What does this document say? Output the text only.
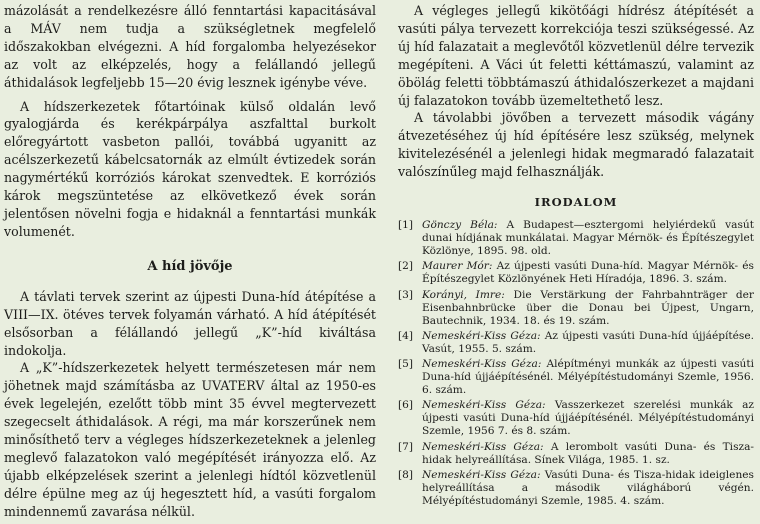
mázolását a rendelkezésre álló fenntartási kapacitásával a MÁV nem tudja a szükségletnek megfelelő időszakokban elvégezni. A híd forgalomba helyezésekor az volt az elképzelés, hogy a felállandó jellegű áthidalások legfeljebb 15—20 évig lesznek igénybe véve.

A hídszerkezetek főtartóinak külső oldalán levő gyalogjárda és kerékpárpálya aszfalttal burkolt előregyártott vasbeton pallói, továbbá ugyanitt az acélszerkezetű kábelcsatornák az elmúlt évtizedek során nagymértékű korróziós károkat szenvedtek. E korróziós károk megszüntetése az elkövetkező évek során jelentősen növelni fogja e hidaknál a fenntartási munkák volumenét.

A híd jövője

A távlati tervek szerint az újpesti Duna-híd átépítése a VIII—IX. ötéves tervek folyamán várható. A híd átépítését elsősorban a félállandó jellegű „K”-híd kiváltása indokolja.

A „K”-hídszerkezetek helyett természetesen már nem jöhetnek majd számításba az UVATERV által az 1950-es évek legelején, ezelőtt több mint 35 évvel megtervezett szegecselt áthidalások. A régi, ma már korszerűnek nem minősíthető terv a végleges hídszerkezeteknek a jelenleg meglevő falazatokon való megépítését irányozza elő. Az újabb elképzelések szerint a jelenlegi hídtól közvetlenül délre épülne meg az új hegesztett híd, a vasúti forgalom mindennemű zavarása nélkül.

A végleges jellegű kikötőági hídrész átépítését a vasúti pálya tervezett korrekciója teszi szükségessé. Az új híd falazatait a meglevőtől közvetlenül délre tervezik megépíteni. A Váci út feletti kéttámaszú, valamint az öbölág feletti többtámaszú áthidalószerkezet a majdani új falazatokon tovább üzemeltethető lesz.

A távolabbi jövőben a tervezett második vágány átvezetéséhez új híd építésére lesz szükség, melynek kivitelezésénél a jelenlegi hidak megmaradó falazatait valószínűleg majd felhasználják.

IRODALOM
[1] Gönczy Béla: A Budapest—esztergomi helyiérdekű vasút dunai hídjának munkálatai. Magyar Mérnök- és Építészegylet Közlönye, 1895. 98. old.
[2] Maurer Mór: Az újpesti vasúti Duna-híd. Magyar Mérnök- és Építészegylet Közlönyének Heti Híradója, 1896. 3. szám.
[3] Korányi, Imre: Die Verstärkung der Fahrbahnträger der Eisenbahnbrücke über die Donau bei Újpest, Ungarn, Bautechnik, 1934. 18. és 19. szám.
[4] Nemeskéri-Kiss Géza: Az újpesti vasúti Duna-híd újjáépítése. Vasút, 1955. 5. szám.
[5] Nemeskéri-Kiss Géza: Alépítményi munkák az újpesti vasúti Duna-híd újjáépítésénél. Mélyépítéstudományi Szemle, 1956. 6. szám.
[6] Nemeskéri-Kiss Géza: Vasszerkezet szerelési munkák az újpesti vasúti Duna-híd újjáépítésénél. Mélyépítéstudományi Szemle, 1956 7. és 8. szám.
[7] Nemeskéri-Kiss Géza: A lerombolt vasúti Duna- és Tisza-hidak helyreállítása. Sínek Világa, 1985. 1. sz.
[8] Nemeskéri-Kiss Géza: Vasúti Duna- és Tisza-hidak ideiglenes helyreállítása a második világháború végén. Mélyépítéstudományi Szemle, 1985. 4. szám.
